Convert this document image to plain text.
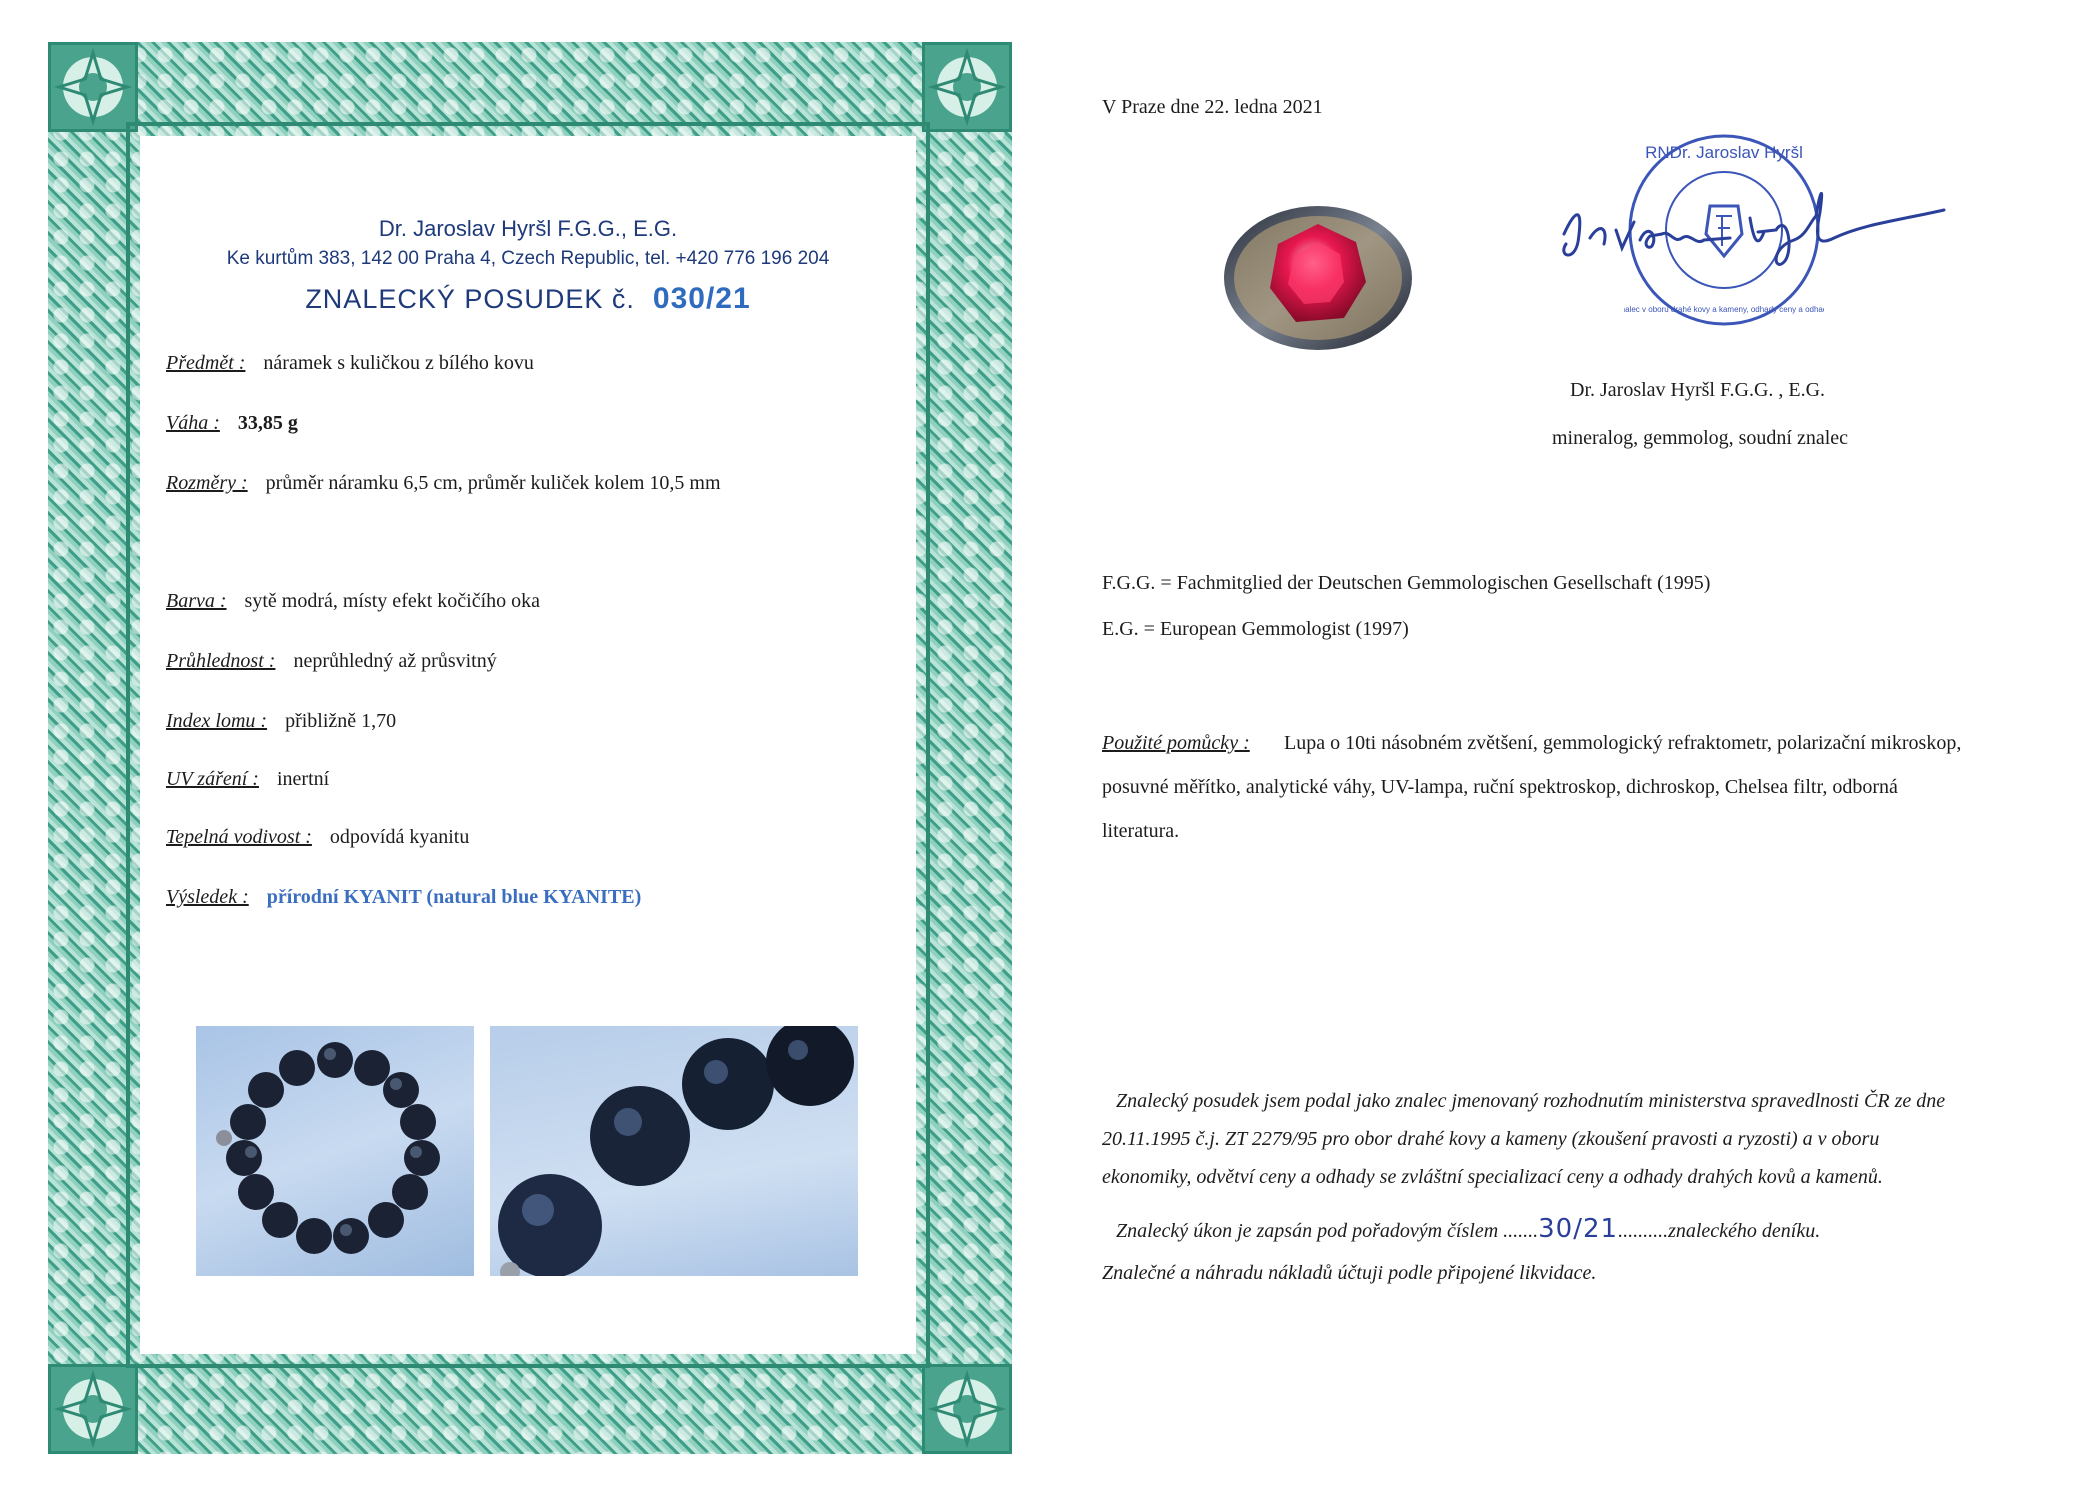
Dr. Jaroslav Hyršl F.G.G., E.G.
Ke kurtům 383, 142 00 Praha 4, Czech Republic, tel. +420 776 196 204
ZNALECKÝ POSUDEK č. 030/21
Předmět : náramek s kuličkou z bílého kovu
Váha : 33,85 g
Rozměry : průměr náramku 6,5 cm, průměr kuliček kolem 10,5 mm
Barva : sytě modrá, místy efekt kočičího oka
Průhlednost : neprůhledný až průsvitný
Index lomu : přibližně 1,70
UV záření : inertní
Tepelná vodivost : odpovídá kyanitu
Výsledek : přírodní KYANIT (natural blue KYANITE)
V Praze dne 22. ledna 2021
RNDr. Jaroslav Hyršl
znalec v oboru drahé kovy a kameny, odhady ceny a odhady
Dr. Jaroslav Hyršl F.G.G. , E.G.
mineralog, gemmolog, soudní znalec
F.G.G. = Fachmitglied der Deutschen Gemmologischen Gesellschaft (1995)
E.G. = European Gemmologist (1997)
Použité pomůcky : Lupa o 10ti násobném zvětšení, gemmologický refraktometr, polarizační mikroskop,
posuvné měřítko, analytické váhy, UV-lampa, ruční spektroskop, dichroskop, Chelsea filtr, odborná
literatura.
Znalecký posudek jsem podal jako znalec jmenovaný rozhodnutím ministerstva spravedlnosti ČR ze dne
20.11.1995 č.j. ZT 2279/95 pro obor drahé kovy a kameny (zkoušení pravosti a ryzosti) a v oboru
ekonomiky, odvětví ceny a odhady se zvláštní specializací ceny a odhady drahých kovů a kamenů.
Znalecký úkon je zapsán pod pořadovým číslem .......30/21..........znaleckého deníku.
Znalečné a náhradu nákladů účtuji podle připojené likvidace.
